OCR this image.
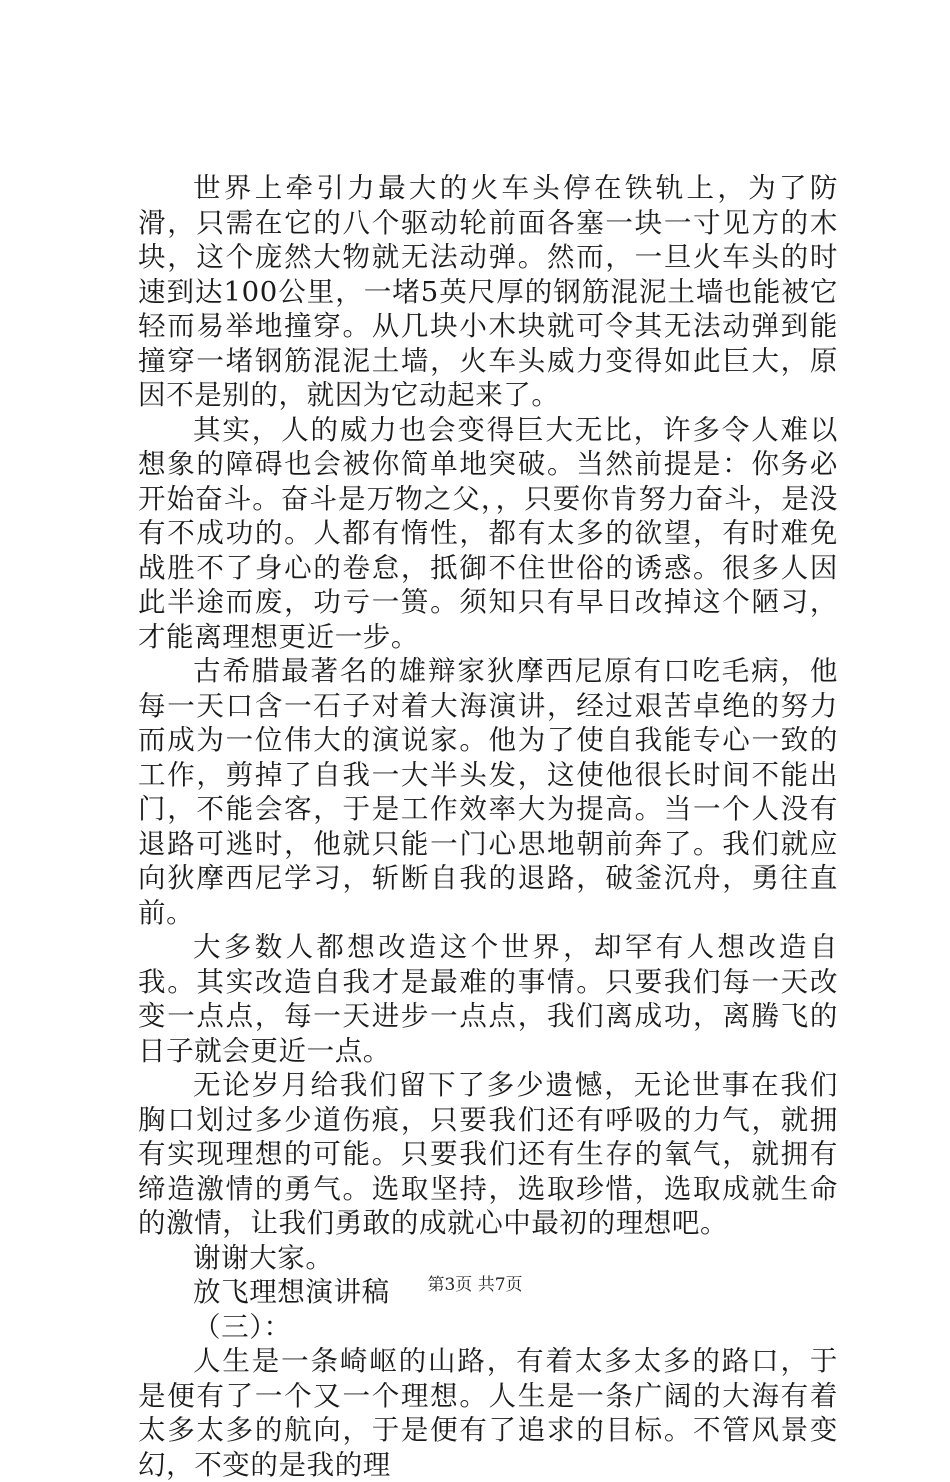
世界上牵引力最大的火车头停在铁轨上，为了防滑，只需在它的八个驱动轮前面各塞一块一寸见方的木块，这个庞然大物就无法动弹。然而，一旦火车头的时速到达100公里，一堵5英尺厚的钢筋混泥土墙也能被它轻而易举地撞穿。从几块小木块就可令其无法动弹到能撞穿一堵钢筋混泥土墙，火车头威力变得如此巨大，原因不是别的，就因为它动起来了。

其实，人的威力也会变得巨大无比，许多令人难以想象的障碍也会被你简单地突破。当然前提是：你务必开始奋斗。奋斗是万物之父，，只要你肯努力奋斗，是没有不成功的。人都有惰性，都有太多的欲望，有时难免战胜不了身心的卷怠，抵御不住世俗的诱惑。很多人因此半途而废，功亏一篑。须知只有早日改掉这个陋习，才能离理想更近一步。

古希腊最著名的雄辩家狄摩西尼原有口吃毛病，他每一天口含一石子对着大海演讲，经过艰苦卓绝的努力而成为一位伟大的演说家。他为了使自我能专心一致的工作，剪掉了自我一大半头发，这使他很长时间不能出门，不能会客，于是工作效率大为提高。当一个人没有退路可逃时，他就只能一门心思地朝前奔了。我们就应向狄摩西尼学习，斩断自我的退路，破釜沉舟，勇往直前。

大多数人都想改造这个世界，却罕有人想改造自我。其实改造自我才是最难的事情。只要我们每一天改变一点点，每一天进步一点点，我们离成功，离腾飞的日子就会更近一点。

无论岁月给我们留下了多少遗憾，无论世事在我们胸口划过多少道伤痕，只要我们还有呼吸的力气，就拥有实现理想的可能。只要我们还有生存的氧气，就拥有缔造激情的勇气。选取坚持，选取珍惜，选取成就生命的激情，让我们勇敢的成就心中最初的理想吧。

谢谢大家。

放飞理想演讲稿

（三）：

人生是一条崎岖的山路，有着太多太多的路口，于是便有了一个又一个理想。人生是一条广阔的大海有着太多太多的航向，于是便有了追求的目标。不管风景变幻，不变的是我的理

第3页 共7页
